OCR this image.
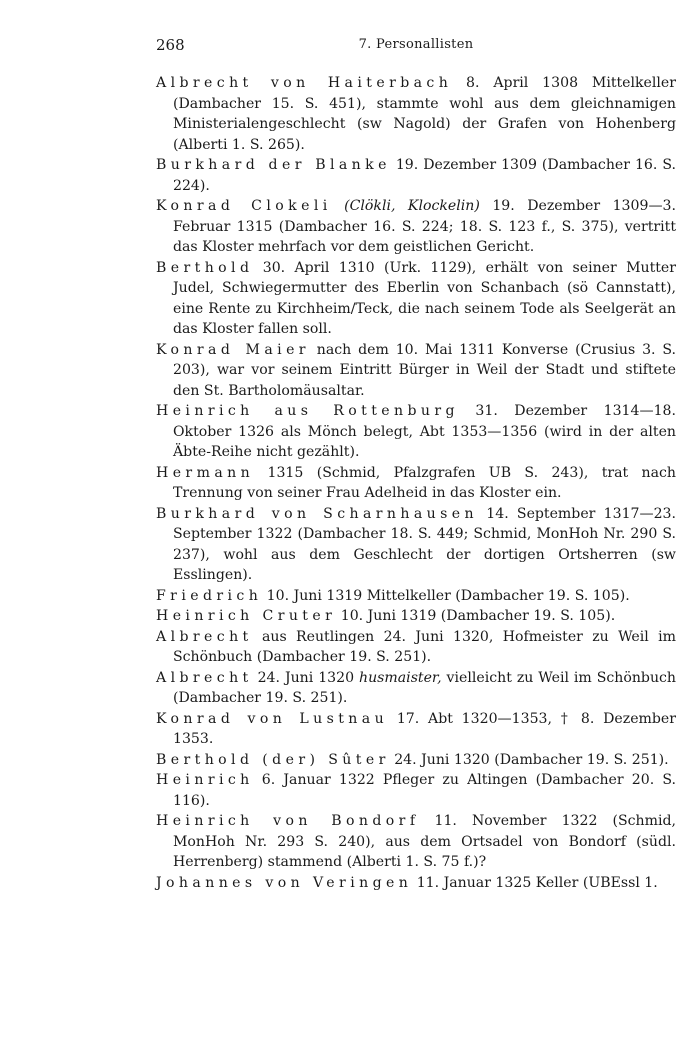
268	7. Personallisten

Albrecht von Haiterbach 8. April 1308 Mittelkeller (Dambacher 15. S. 451), stammte wohl aus dem gleichnamigen Ministerialengeschlecht (sw Nagold) der Grafen von Hohenberg (Alberti 1. S. 265).

Burkhard der Blanke 19. Dezember 1309 (Dambacher 16. S. 224).

Konrad Clokeli (Clökli, Klockelin) 19. Dezember 1309—3. Februar 1315 (Dambacher 16. S. 224; 18. S. 123 f., S. 375), vertritt das Kloster mehrfach vor dem geistlichen Gericht.

Berthold 30. April 1310 (Urk. 1129), erhält von seiner Mutter Judel, Schwiegermutter des Eberlin von Schanbach (sö Cannstatt), eine Rente zu Kirchheim/Teck, die nach seinem Tode als Seelgerät an das Kloster fallen soll.

Konrad Maier nach dem 10. Mai 1311 Konverse (Crusius 3. S. 203), war vor seinem Eintritt Bürger in Weil der Stadt und stiftete den St. Bartholomäusaltar.

Heinrich aus Rottenburg 31. Dezember 1314—18. Oktober 1326 als Mönch belegt, Abt 1353—1356 (wird in der alten Äbte-Reihe nicht gezählt).

Hermann 1315 (Schmid, Pfalzgrafen UB S. 243), trat nach Trennung von seiner Frau Adelheid in das Kloster ein.

Burkhard von Scharnhausen 14. September 1317—23. September 1322 (Dambacher 18. S. 449; Schmid, MonHoh Nr. 290 S. 237), wohl aus dem Geschlecht der dortigen Ortsherren (sw Esslingen).

Friedrich 10. Juni 1319 Mittelkeller (Dambacher 19. S. 105).

Heinrich Cruter 10. Juni 1319 (Dambacher 19. S. 105).

Albrecht aus Reutlingen 24. Juni 1320, Hofmeister zu Weil im Schönbuch (Dambacher 19. S. 251).

Albrecht 24. Juni 1320 husmaister, vielleicht zu Weil im Schönbuch (Dambacher 19. S. 251).

Konrad von Lustnau 17. Abt 1320—1353, † 8. Dezember 1353.

Berthold (der) Sûter 24. Juni 1320 (Dambacher 19. S. 251).

Heinrich 6. Januar 1322 Pfleger zu Altingen (Dambacher 20. S. 116).

Heinrich von Bondorf 11. November 1322 (Schmid, MonHoh Nr. 293 S. 240), aus dem Ortsadel von Bondorf (südl. Herrenberg) stammend (Alberti 1. S. 75 f.)?

Johannes von Veringen 11. Januar 1325 Keller (UBEssl 1.
